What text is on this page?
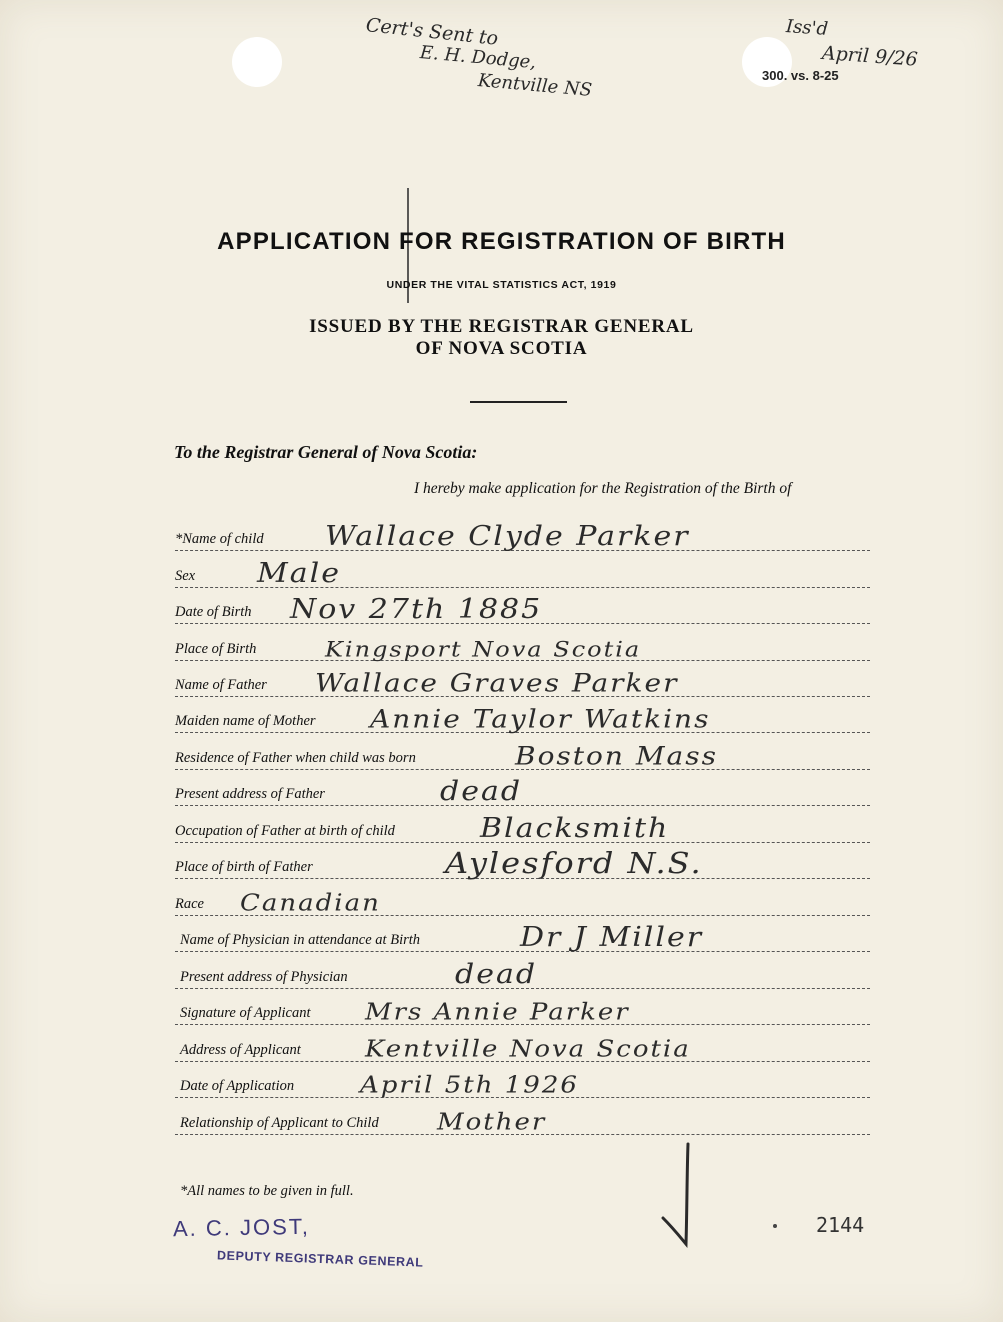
Cert's Sent to
E. H. Dodge,
Kentville NS
Iss'd
April 9/26
300. vs. 8-25
APPLICATION FOR REGISTRATION OF BIRTH
UNDER THE VITAL STATISTICS ACT, 1919
ISSUED BY THE REGISTRAR GENERAL
OF NOVA SCOTIA
To the Registrar General of Nova Scotia:
I hereby make application for the Registration of the Birth of
*Name of child Wallace Clyde Parker
Sex Male
Date of Birth Nov 27th 1885
Place of Birth	Kingsport Nova Scotia
Name of Father Wallace Graves Parker
Maiden name of Mother Annie Taylor Watkins
Residence of Father when child was born	Boston Mass
Present address of Father	dead
Occupation of Father at birth of child	Blacksmith
Place of birth of Father	Aylesford N.S.
Race Canadian
Name of Physician in attendance at Birth	Dr J Miller
Present address of Physician	dead
Signature of Applicant Mrs Annie Parker
Address of Applicant Kentville Nova Scotia
Date of Application	April 5th 1926
Relationship of Applicant to Child Mother
*All names to be given in full.
A. C. JOST,
DEPUTY REGISTRAR GENERAL
2144
